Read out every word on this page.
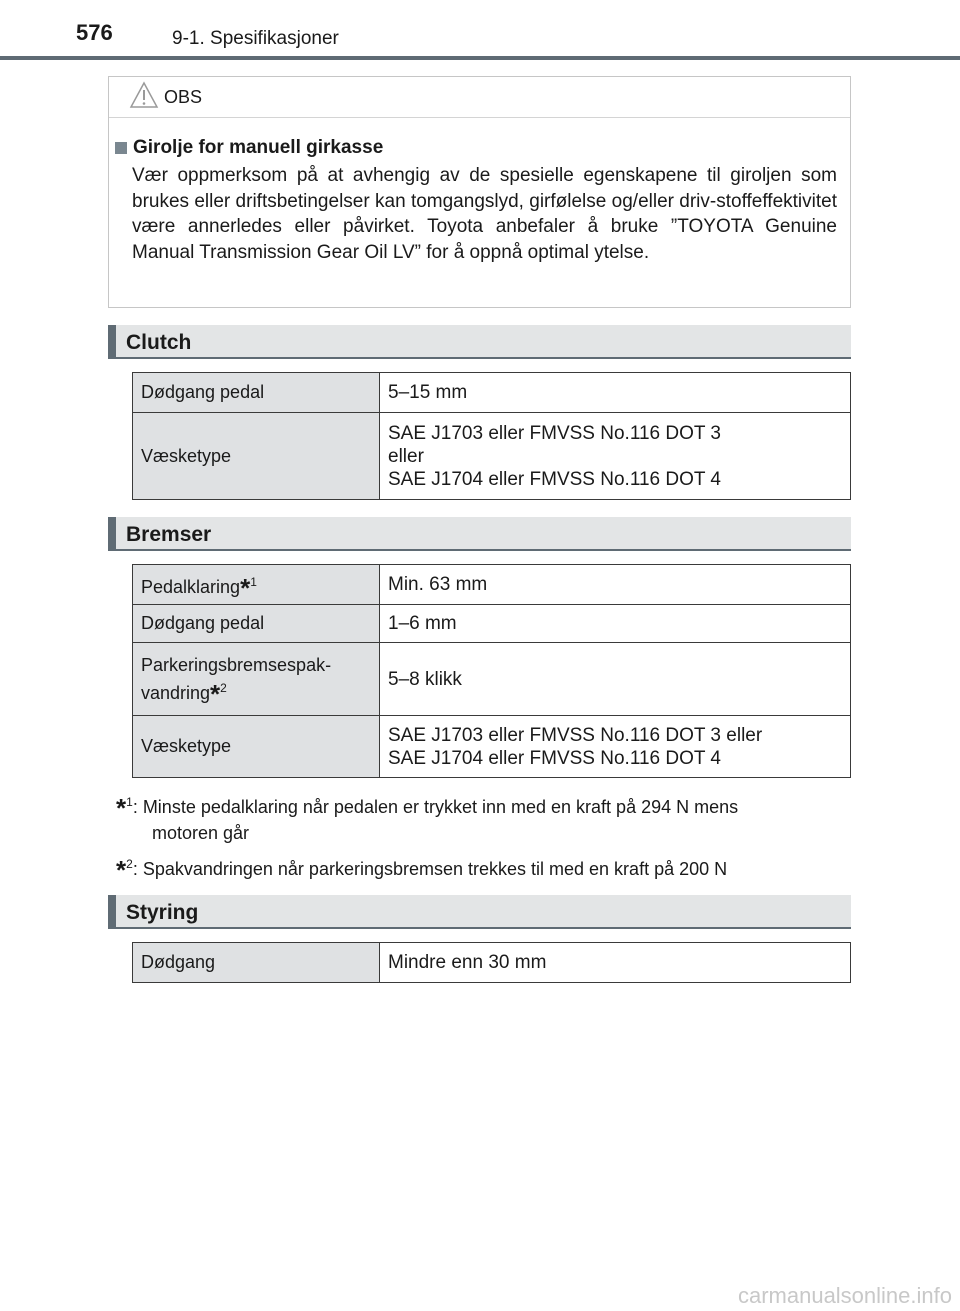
576	9-1. Spesifikasjoner
OBS
Girolje for manuell girkasse
Vær oppmerksom på at avhengig av de spesielle egenskapene til giroljen som brukes eller driftsbetingelser kan tomgangslyd, girfølelse og/eller driv-stoffeffektivitet være annerledes eller påvirket. Toyota anbefaler å bruke ”TOYOTA Genuine Manual Transmission Gear Oil LV” for å oppnå optimal ytelse.
Clutch
Dødgang pedal	5–15 mm
Væsketype	SAE J1703 eller FMVSS No.116 DOT 3
eller
SAE J1704 eller FMVSS No.116 DOT 4
Bremser
Pedalklaring*$^1$	Min. 63 mm
Dødgang pedal	1–6 mm

Parkeringsbremsespak-
vandring*$^2$	5–8 klikk
Væsketype	SAE J1703 eller FMVSS No.116 DOT 3 eller
SAE J1704 eller FMVSS No.116 DOT 4
*$^1$: Minste pedalklaring når pedalen er trykket inn med en kraft på 294 N mens
motoren går
*$^2$: Spakvandringen når parkeringsbremsen trekkes til med en kraft på 200 N
Styring
Dødgang	Mindre enn 30 mm
carmanualsonline.info
